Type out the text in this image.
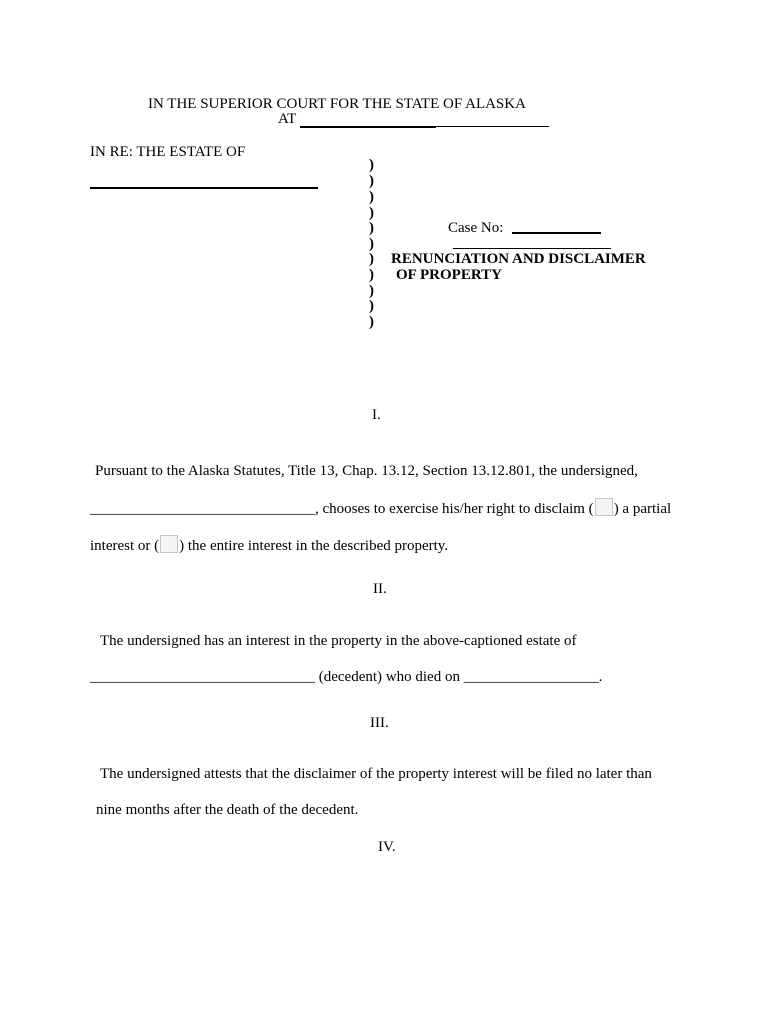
IN THE SUPERIOR COURT FOR THE STATE OF ALASKA
AT
IN RE: THE ESTATE OF
)
)
)
)
)
)
)
)
)
)
)
Case No:
RENUNCIATION AND DISCLAIMER
OF PROPERTY
I.
Pursuant to the Alaska Statutes, Title 13, Chap. 13.12, Section 13.12.801, the undersigned,
______________________________, chooses to exercise his/her right to disclaim ( ) a partial
interest or ( ) the entire interest in the described property.
II.
The undersigned has an interest in the property in the above-captioned estate of
______________________________ (decedent) who died on __________________.
III.
The undersigned attests that the disclaimer of the property interest will be filed no later than
nine months after the death of the decedent.
IV.
